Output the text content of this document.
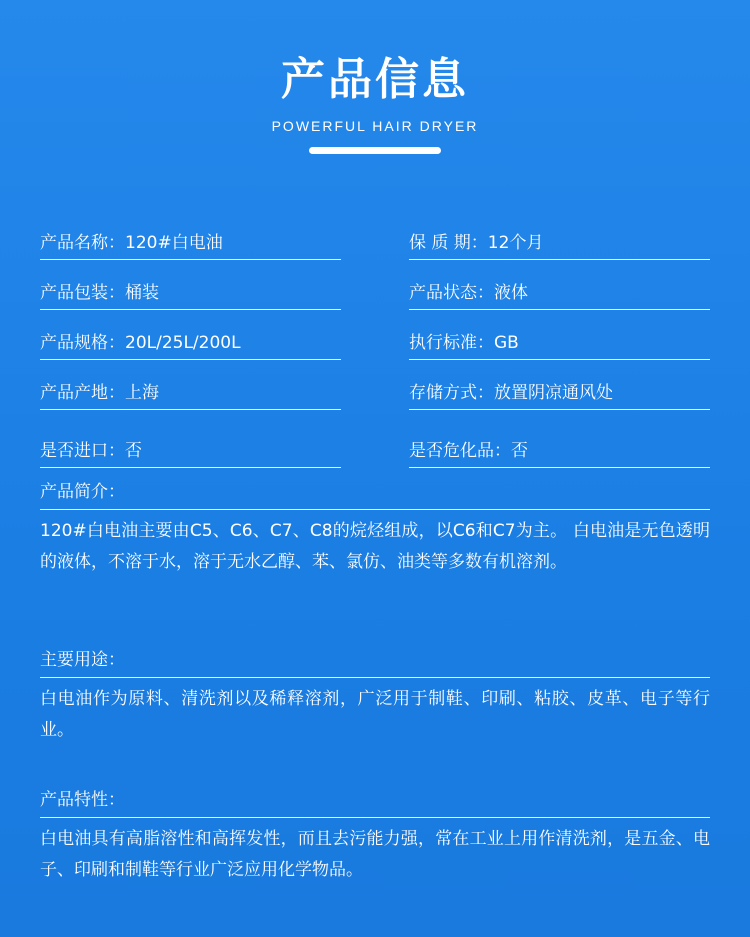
产品信息
POWERFUL HAIR DRYER
产品名称：120#白电油	保 质 期：12个月
产品包装：桶装	产品状态：液体
产品规格：20L/25L/200L	执行标准：GB
产品产地：上海	存储方式：放置阴凉通风处
是否进口：否	是否危化品：否
产品简介：
120#白电油主要由C5、C6、C7、C8的烷烃组成，以C6和C7为主。 白电油是无色透明的液体，不溶于水，溶于无水乙醇、苯、氯仿、油类等多数有机溶剂。
主要用途：
白电油作为原料、清洗剂以及稀释溶剂，广泛用于制鞋、印刷、粘胶、皮革、电子等行业。
产品特性：
白电油具有高脂溶性和高挥发性，而且去污能力强，常在工业上用作清洗剂，是五金、电子、印刷和制鞋等行业广泛应用化学物品。
